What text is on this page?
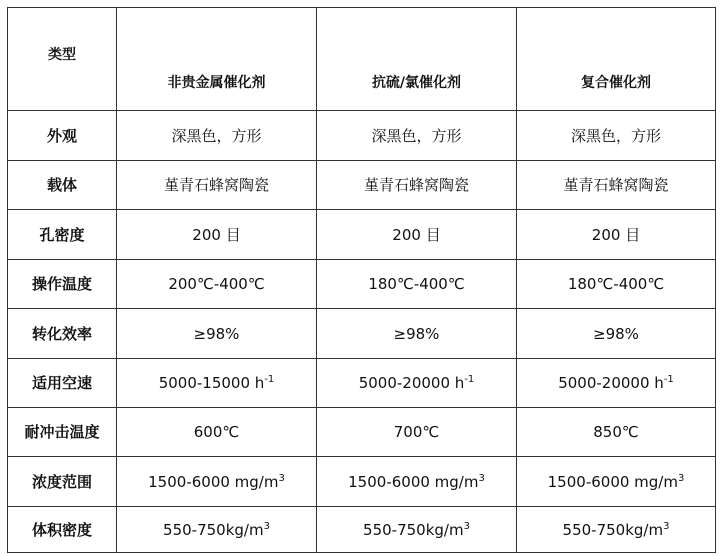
类型	非贵金属催化剂	抗硫/氯催化剂	复合催化剂
外观	深黑色，方形	深黑色，方形	深黑色，方形
载体	堇青石蜂窝陶瓷	堇青石蜂窝陶瓷	堇青石蜂窝陶瓷
孔密度	200 目	200 目	200 目
操作温度	200℃-400℃	180℃-400℃	180℃-400℃
转化效率	≥98%	≥98%	≥98%
适用空速	5000-15000 $h^{-1}$	5000-20000 $h^{-1}$	5000-20000 $h^{-1}$
耐冲击温度	600℃	700℃	850℃
浓度范围	1500-6000 $mg/m^3$	1500-6000 $mg/m^3$	1500-6000 $mg/m^3$
体积密度	$550-750kg/m^3$	$550-750kg/m^3$	$550-750kg/m^3$
